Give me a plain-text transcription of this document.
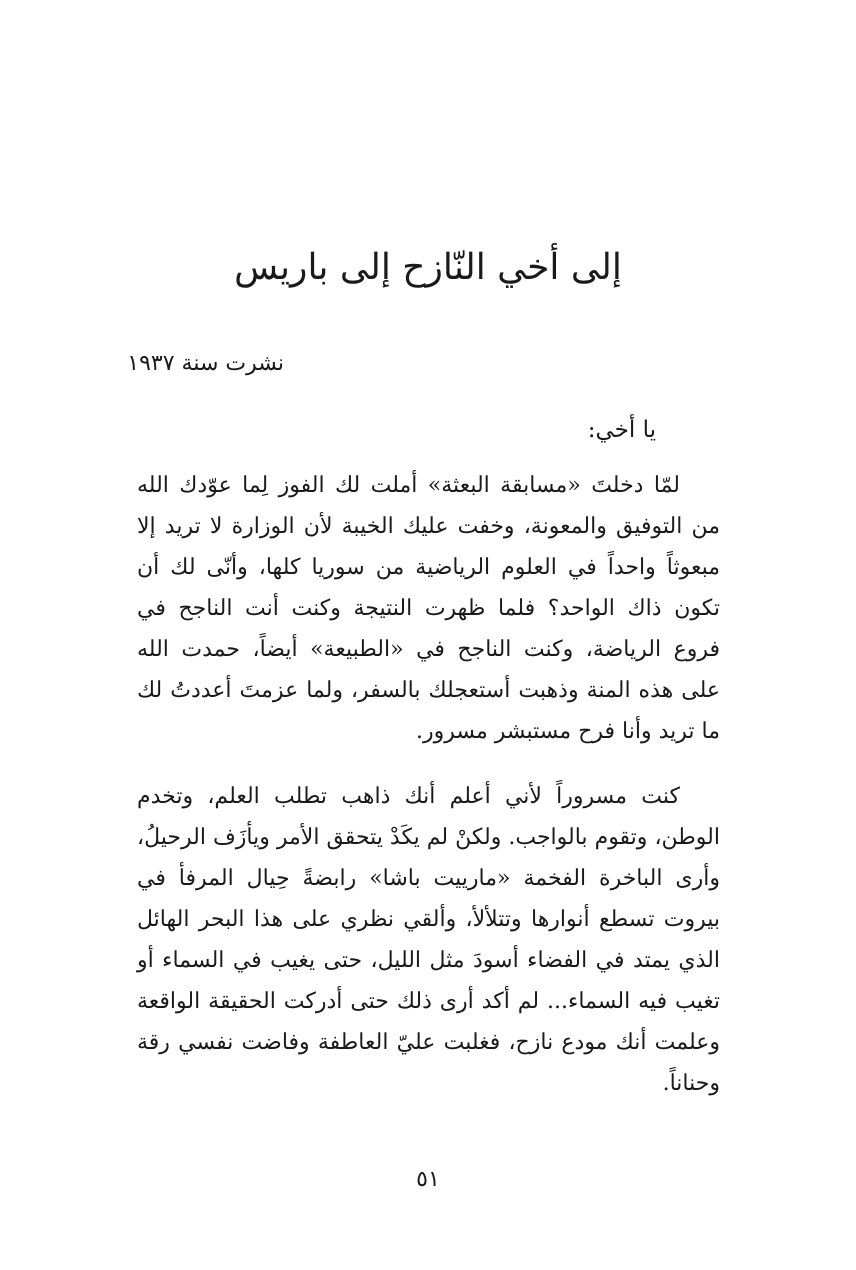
إلى أخي النّازح إلى باريس
نشرت سنة ١٩٣٧
يا أخي:

لمّا دخلتَ «مسابقة البعثة» أملت لك الفوز لِما عوّدك الله من التوفيق والمعونة، وخفت عليك الخيبة لأن الوزارة لا تريد إلا مبعوثاً واحداً في العلوم الرياضية من سوريا كلها، وأنّى لك أن تكون ذاك الواحد؟ فلما ظهرت النتيجة وكنت أنت الناجح في فروع الرياضة، وكنت الناجح في «الطبيعة» أيضاً، حمدت الله على هذه المنة وذهبت أستعجلك بالسفر، ولما عزمتَ أعددتُ لك ما تريد وأنا فرح مستبشر مسرور.

كنت مسروراً لأني أعلم أنك ذاهب تطلب العلم، وتخدم الوطن، وتقوم بالواجب. ولكنْ لم يكَدْ يتحقق الأمر ويأزَف الرحيلُ، وأرى الباخرة الفخمة «مارييت باشا» رابضةً حِيال المرفأ في بيروت تسطع أنوارها وتتلألأ، وألقي نظري على هذا البحر الهائل الذي يمتد في الفضاء أسودَ مثل الليل، حتى يغيب في السماء أو تغيب فيه السماء... لم أكد أرى ذلك حتى أدركت الحقيقة الواقعة وعلمت أنك مودع نازح، فغلبت عليّ العاطفة وفاضت نفسي رقة وحناناً.

٥١
